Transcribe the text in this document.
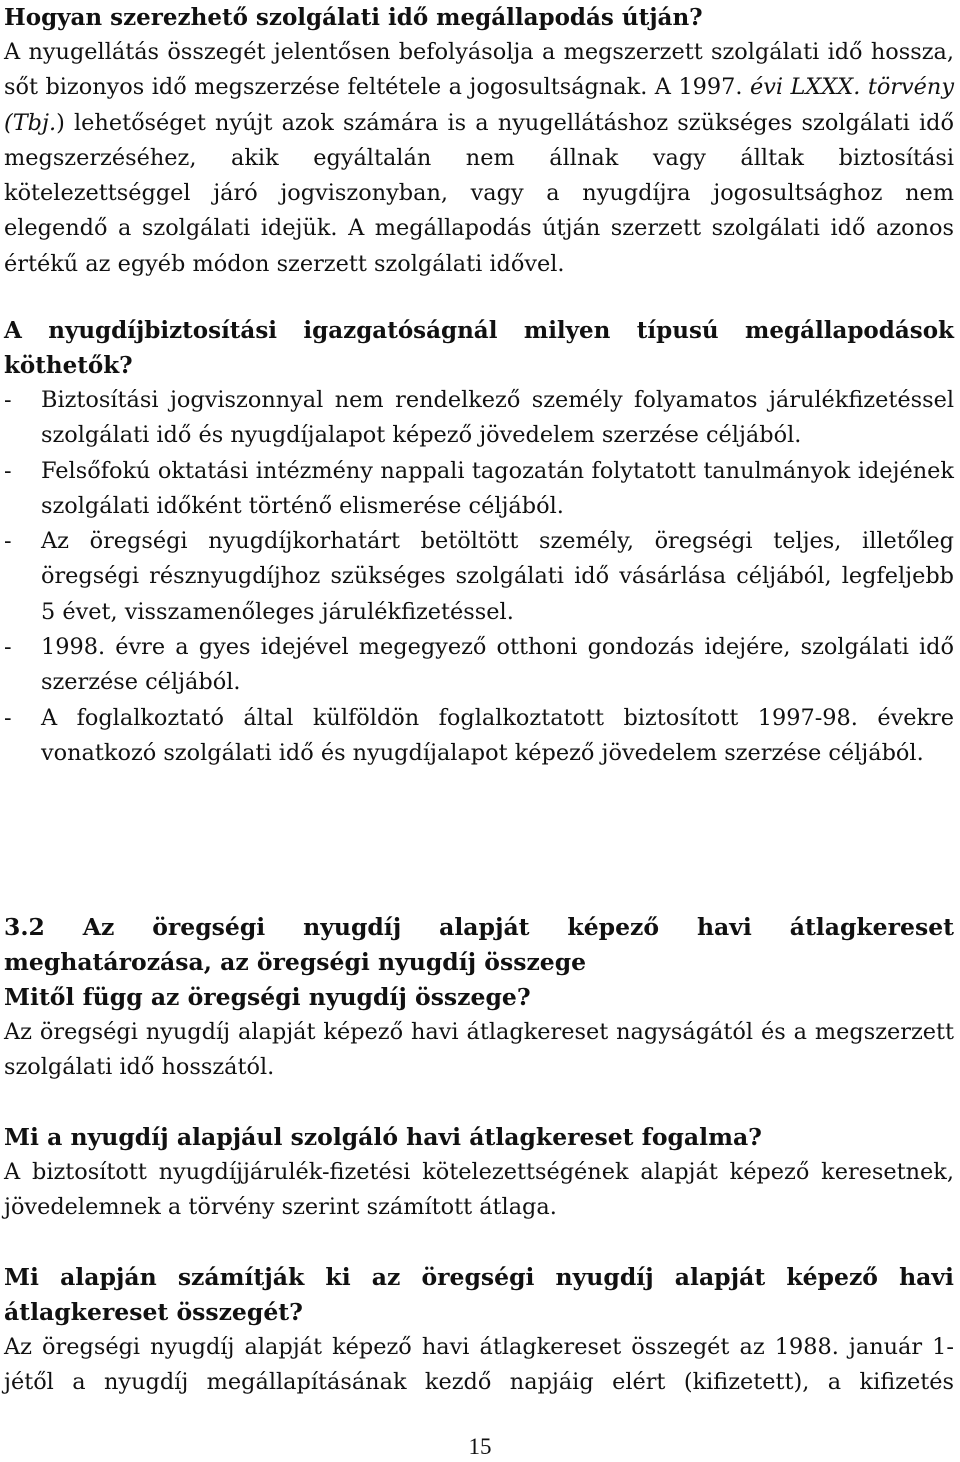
Hogyan szerezhető szolgálati idő megállapodás útján?

A nyugellátás összegét jelentősen befolyásolja a megszerzett szolgálati idő hossza, sőt bizonyos idő megszerzése feltétele a jogosultságnak. A 1997. évi LXXX. törvény (Tbj.) lehetőséget nyújt azok számára is a nyugellátáshoz szükséges szolgálati idő megszerzéséhez, akik egyáltalán nem állnak vagy álltak biztosítási kötelezettséggel járó jogviszonyban, vagy a nyugdíjra jogosultsághoz nem elegendő a szolgálati idejük. A megállapodás útján szerzett szolgálati idő azonos értékű az egyéb módon szerzett szolgálati idővel.

A nyugdíjbiztosítási igazgatóságnál milyen típusú megállapodások köthetők?

- Biztosítási jogviszonnyal nem rendelkező személy folyamatos járulékfizetéssel szolgálati idő és nyugdíjalapot képező jövedelem szerzése céljából.
- Felsőfokú oktatási intézmény nappali tagozatán folytatott tanulmányok idejének szolgálati időként történő elismerése céljából.
- Az öregségi nyugdíjkorhatárt betöltött személy, öregségi teljes, illetőleg öregségi résznyugdíjhoz szükséges szolgálati idő vásárlása céljából, legfeljebb 5 évet, visszamenőleges járulékfizetéssel.
- 1998. évre a gyes idejével megegyező otthoni gondozás idejére, szolgálati idő szerzése céljából.
- A foglalkoztató által külföldön foglalkoztatott biztosított 1997-98. évekre vonatkozó szolgálati idő és nyugdíjalapot képező jövedelem szerzése céljából.

3.2 Az öregségi nyugdíj alapját képező havi átlagkereset meghatározása, az öregségi nyugdíj összege

Mitől függ az öregségi nyugdíj összege?

Az öregségi nyugdíj alapját képező havi átlagkereset nagyságától és a megszerzett szolgálati idő hosszától.

Mi a nyugdíj alapjául szolgáló havi átlagkereset fogalma?

A biztosított nyugdíjjárulék-fizetési kötelezettségének alapját képező keresetnek, jövedelemnek a törvény szerint számított átlaga.

Mi alapján számítják ki az öregségi nyugdíj alapját képező havi átlagkereset összegét?

Az öregségi nyugdíj alapját képező havi átlagkereset összegét az 1988. január 1-jétől a nyugdíj megállapításának kezdő napjáig elért (kifizetett), a kifizetés

15
